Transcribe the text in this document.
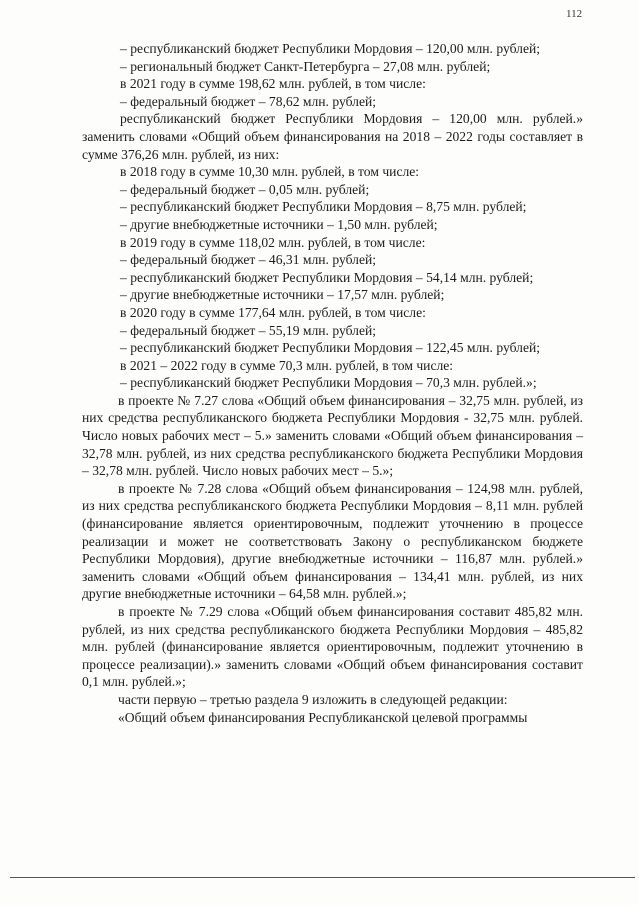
112

– республиканский бюджет Республики Мордовия – 120,00 млн. рублей;

– региональный бюджет Санкт-Петербурга – 27,08 млн. рублей;

в 2021 году в сумме 198,62 млн. рублей, в том числе:

– федеральный бюджет – 78,62 млн. рублей;

республиканский бюджет Республики Мордовия – 120,00 млн. рублей.» заменить словами «Общий объем финансирования на 2018 – 2022 годы составляет в сумме 376,26 млн. рублей, из них:

в 2018 году в сумме 10,30 млн. рублей, в том числе:

– федеральный бюджет – 0,05 млн. рублей;

– республиканский бюджет Республики Мордовия – 8,75 млн. рублей;

– другие внебюджетные источники – 1,50 млн. рублей;

в 2019 году в сумме 118,02 млн. рублей, в том числе:

– федеральный бюджет – 46,31 млн. рублей;

– республиканский бюджет Республики Мордовия – 54,14 млн. рублей;

– другие внебюджетные источники – 17,57 млн. рублей;

в 2020 году в сумме 177,64 млн. рублей, в том числе:

– федеральный бюджет – 55,19 млн. рублей;

– республиканский бюджет Республики Мордовия – 122,45 млн. рублей;

в 2021 – 2022 году в сумме 70,3 млн. рублей, в том числе:

– республиканский бюджет Республики Мордовия – 70,3 млн. рублей.»;

в проекте № 7.27 слова «Общий объем финансирования – 32,75 млн. рублей, из них средства республиканского бюджета Республики Мордовия - 32,75 млн. рублей. Число новых рабочих мест – 5.» заменить словами «Общий объем финансирования – 32,78 млн. рублей, из них средства республиканского бюджета Республики Мордовия – 32,78 млн. рублей. Число новых рабочих мест – 5.»;

в проекте № 7.28 слова «Общий объем финансирования – 124,98 млн. рублей, из них средства республиканского бюджета Республики Мордовия – 8,11 млн. рублей (финансирование является ориентировочным, подлежит уточнению в процессе реализации и может не соответствовать Закону о республиканском бюджете Республики Мордовия), другие внебюджетные источники – 116,87 млн. рублей.» заменить словами «Общий объем финансирования – 134,41 млн. рублей, из них другие внебюджетные источники – 64,58 млн. рублей.»;

в проекте № 7.29 слова «Общий объем финансирования составит 485,82 млн. рублей, из них средства республиканского бюджета Республики Мордовия – 485,82 млн. рублей (финансирование является ориентировочным, подлежит уточнению в процессе реализации).» заменить словами «Общий объем финансирования составит 0,1 млн. рублей.»;

части первую – третью раздела 9 изложить в следующей редакции:

«Общий объем финансирования Республиканской целевой программы
